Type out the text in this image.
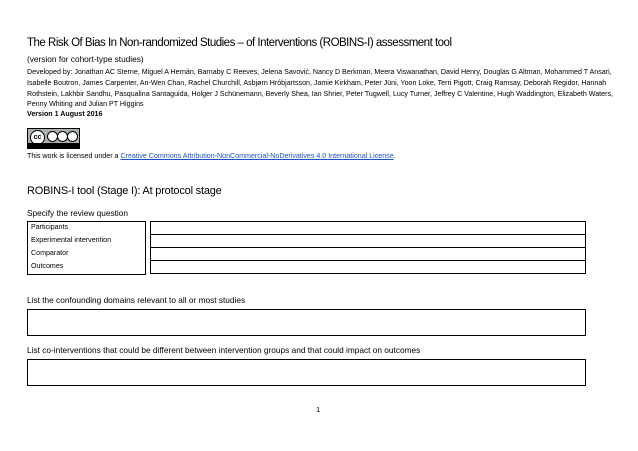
The Risk Of Bias In Non-randomized Studies – of Interventions (ROBINS-I) assessment tool
(version for cohort-type studies)
Developed by: Jonathan AC Sterne, Miguel A Hernán, Barnaby C Reeves, Jelena Savović, Nancy D Berkman, Meera Viswanathan, David Henry, Douglas G Altman, Mohammed T Ansari, Isabelle Boutron, James Carpenter, An-Wen Chan, Rachel Churchill, Asbjørn Hróbjartsson, Jamie Kirkham, Peter Jüni, Yoon Loke, Terri Pigott, Craig Ramsay, Deborah Regidor, Hannah Rothstein, Lakhbir Sandhu, Pasqualina Santaguida, Holger J Schünemann, Beverly Shea, Ian Shrier, Peter Tugwell, Lucy Turner, Jeffrey C Valentine, Hugh Waddington, Elizabeth Waters, Penny Whiting and Julian PT Higgins
Version 1 August 2016
cc
This work is licensed under a Creative Commons Attribution-NonCommercial-NoDerivatives 4.0 International License.
ROBINS-I tool (Stage I): At protocol stage
Specify the review question
Participants
Experimental intervention
Comparator
Outcomes
List the confounding domains relevant to all or most studies
List co-interventions that could be different between intervention groups and that could impact on outcomes
1
